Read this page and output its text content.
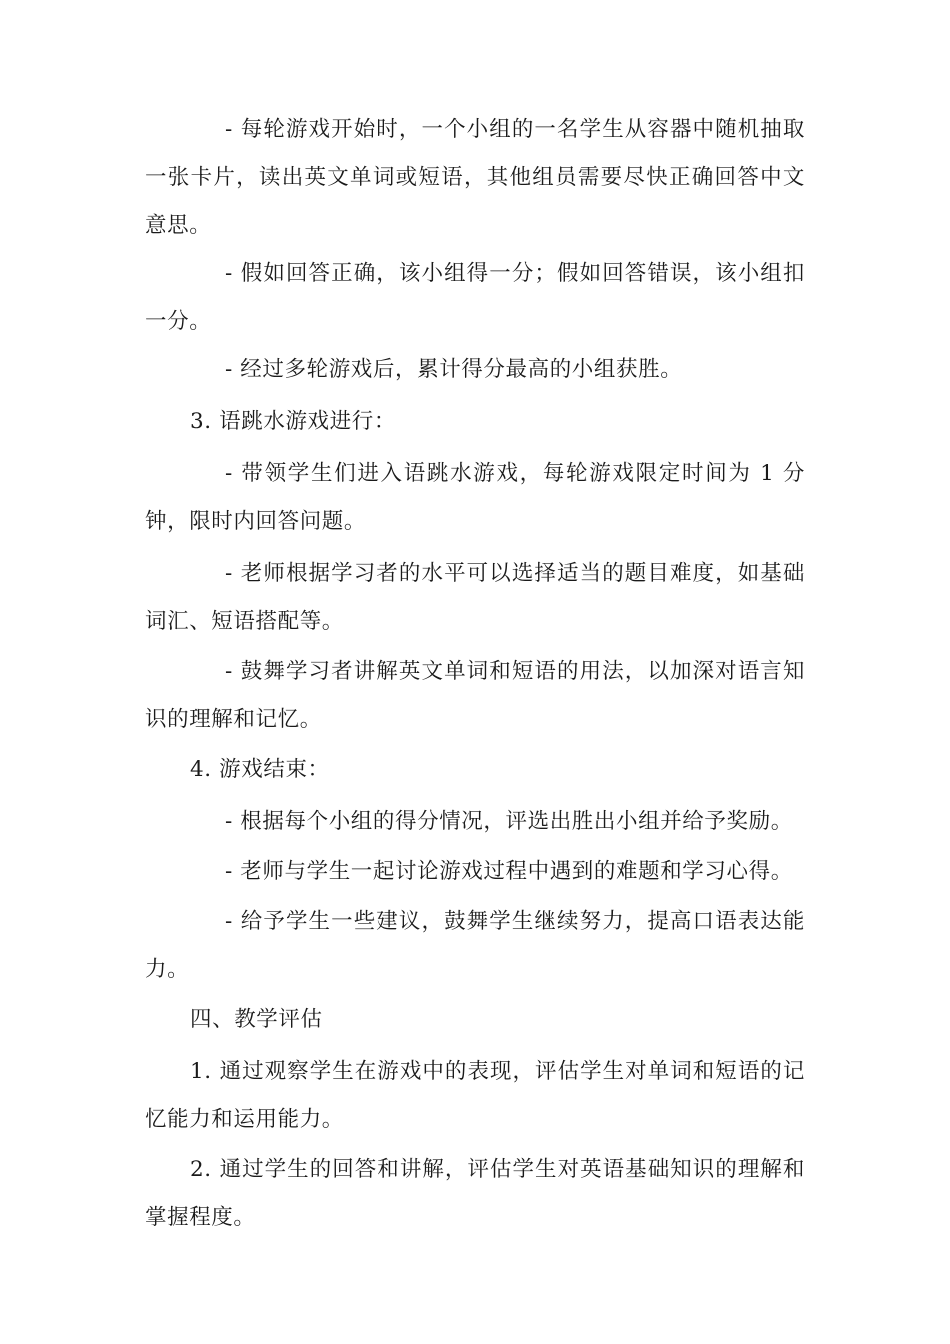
- 每轮游戏开始时，一个小组的一名学生从容器中随机抽取一张卡片，读出英文单词或短语，其他组员需要尽快正确回答中文意思。

- 假如回答正确，该小组得一分；假如回答错误，该小组扣一分。

- 经过多轮游戏后，累计得分最高的小组获胜。

3. 语跳水游戏进行：

- 带领学生们进入语跳水游戏，每轮游戏限定时间为 1 分钟，限时内回答问题。

- 老师根据学习者的水平可以选择适当的题目难度，如基础词汇、短语搭配等。

- 鼓舞学习者讲解英文单词和短语的用法，以加深对语言知识的理解和记忆。

4. 游戏结束：

- 根据每个小组的得分情况，评选出胜出小组并给予奖励。

- 老师与学生一起讨论游戏过程中遇到的难题和学习心得。

- 给予学生一些建议，鼓舞学生继续努力，提高口语表达能力。

四、教学评估

1. 通过观察学生在游戏中的表现，评估学生对单词和短语的记忆能力和运用能力。

2. 通过学生的回答和讲解，评估学生对英语基础知识的理解和掌握程度。
